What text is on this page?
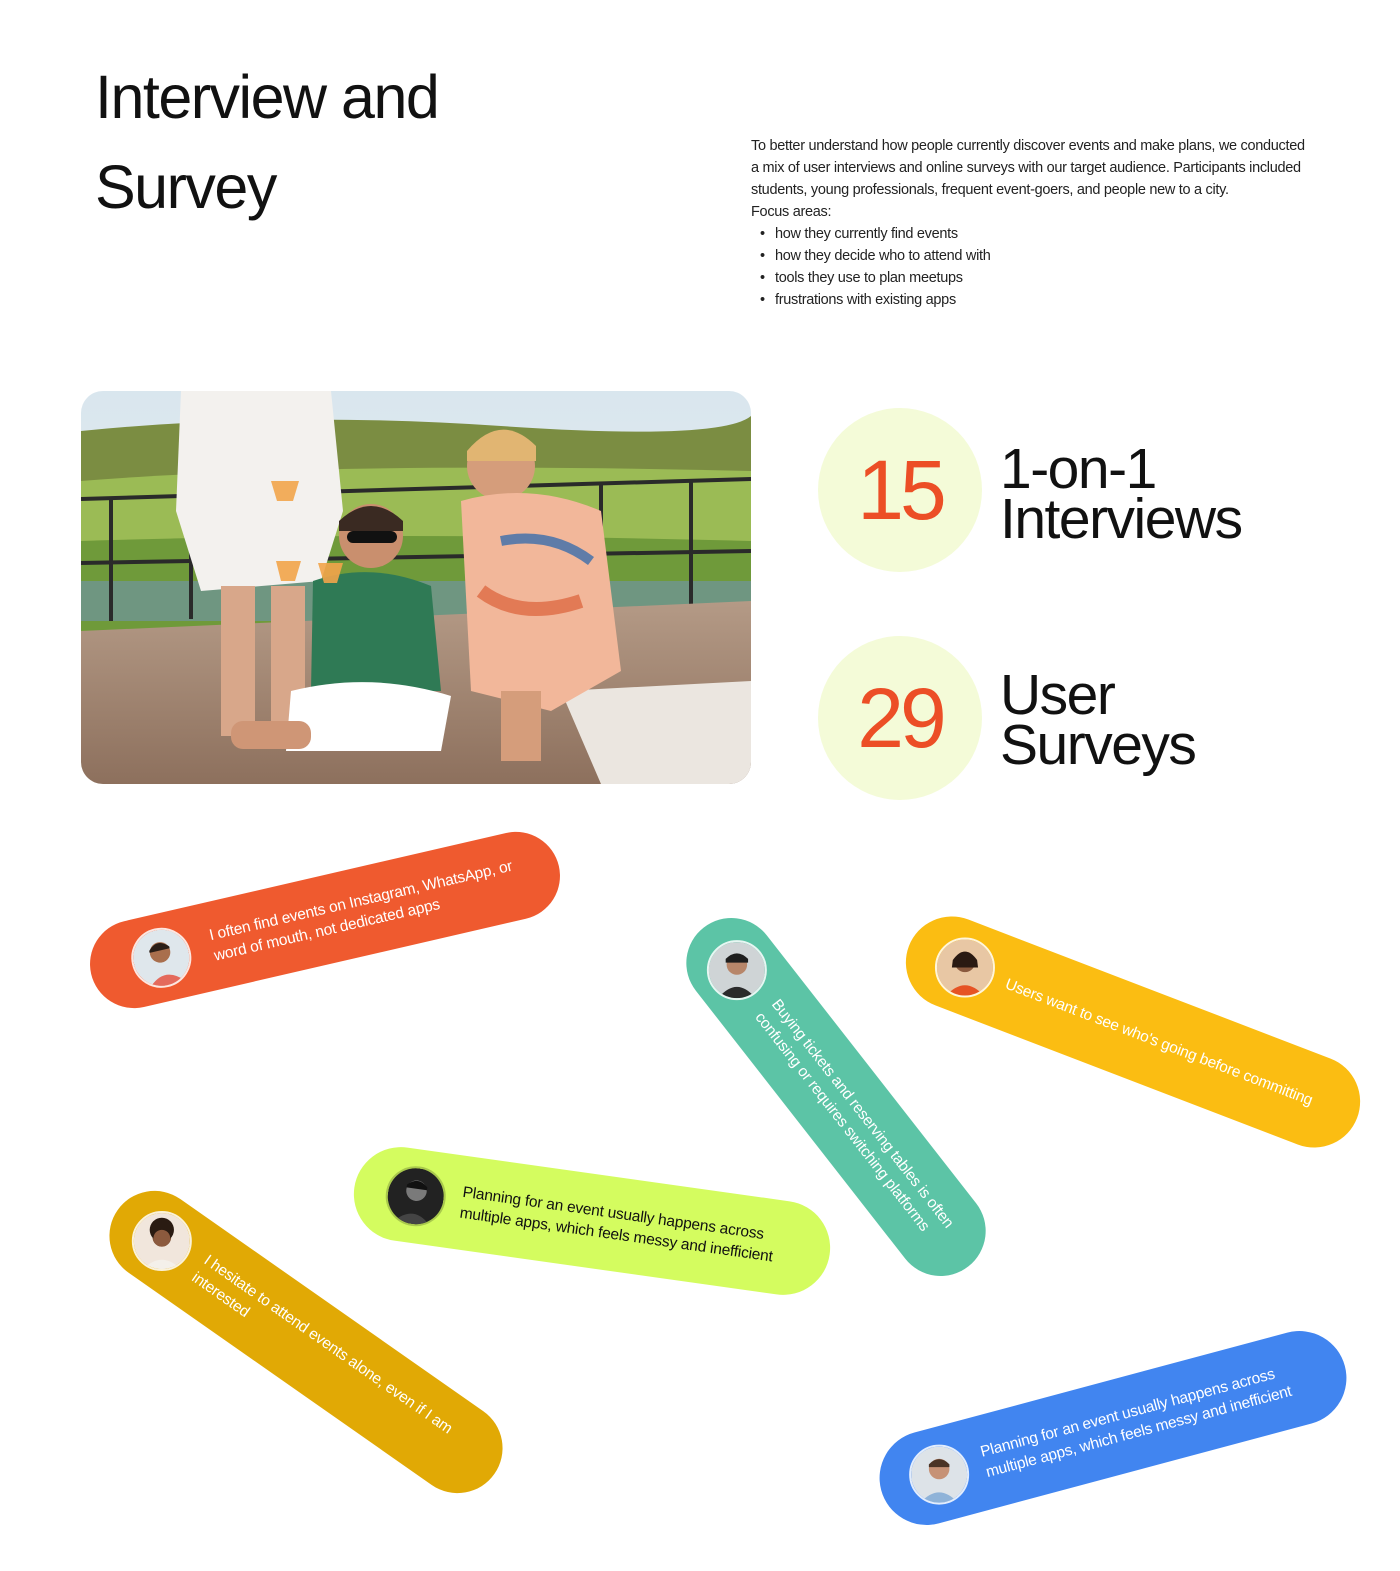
Interview and
Survey

To better understand how people currently discover events and make plans, we conducted a mix of user interviews and online surveys with our target audience. Participants included students, young professionals, frequent event-goers, and people new to a city.

Focus areas:

• how they currently find events
• how they decide who to attend with
• tools they use to plan meetups
• frustrations with existing apps
15 1-on-1
Interviews
29 User
Surveys
I often find events on Instagram, WhatsApp, or word of mouth, not dedicated apps
Buying tickets and reserving tables is often confusing or requires switching platforms	Users want to see who's going before committing
Planning for an event usually happens across multiple apps, which feels messy and inefficient
I hesitate to attend events alone, even if I am interested
Planning for an event usually happens across multiple apps, which feels messy and inefficient
